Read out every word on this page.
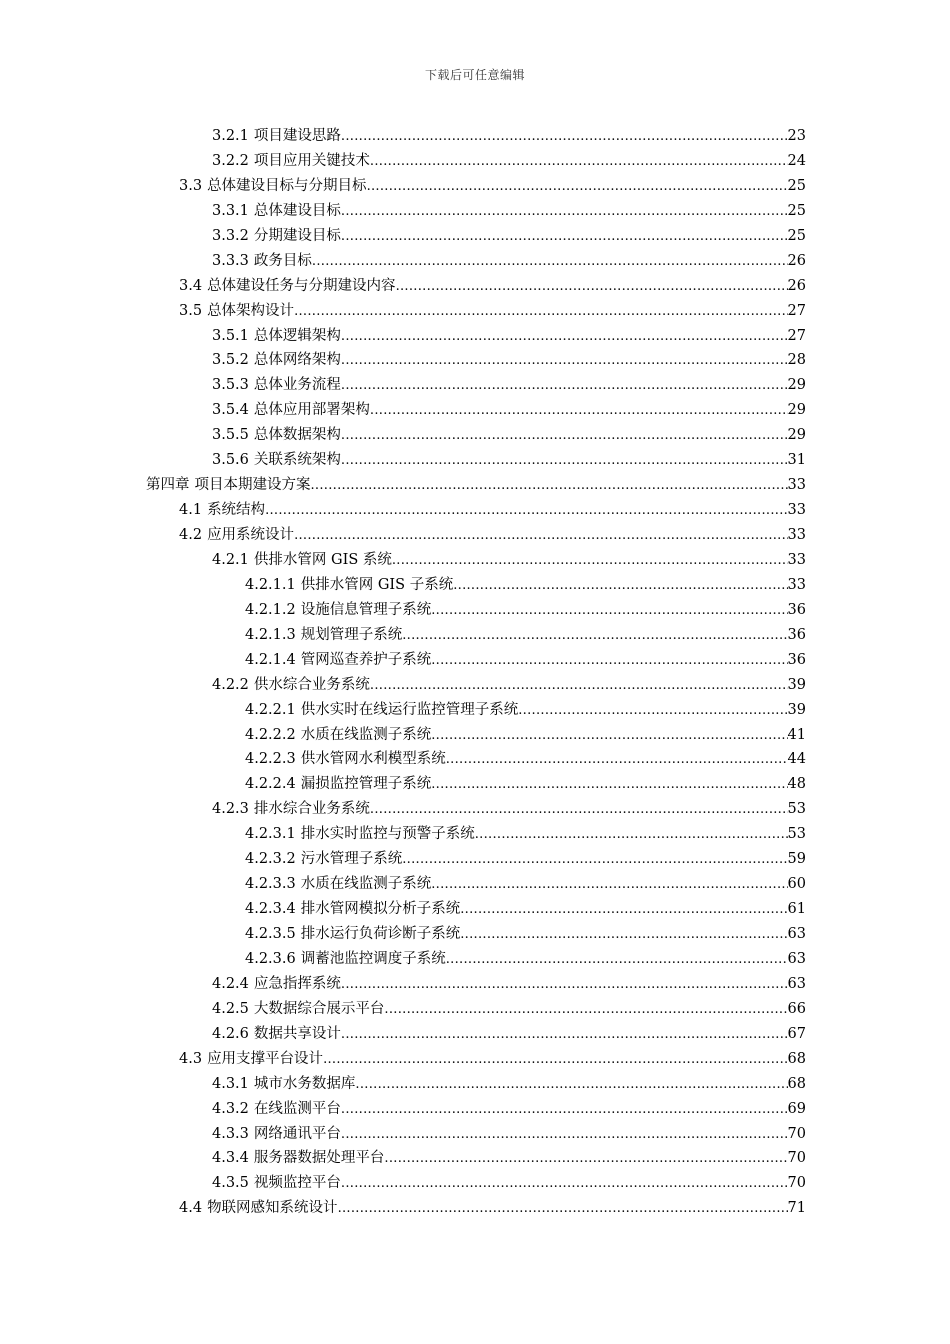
下载后可任意编辑
3.2.1 项目建设思路 .....	23
3.2.2 项目应用关键技术 .....	24
3.3 总体建设目标与分期目标 .....	25
3.3.1 总体建设目标 .....	25
3.3.2 分期建设目标 .....	25
3.3.3 政务目标 .....	26
3.4 总体建设任务与分期建设内容 .....	26
3.5 总体架构设计 .....	27
3.5.1 总体逻辑架构 .....	27
3.5.2 总体网络架构 .....	28
3.5.3 总体业务流程 .....	29
3.5.4 总体应用部署架构 .....	29
3.5.5 总体数据架构 .....	29
3.5.6 关联系统架构 .....	31
第四章 项目本期建设方案 .....	33
4.1 系统结构 .....	33
4.2 应用系统设计 .....	33
4.2.1 供排水管网 GIS 系统 .....	33
4.2.1.1 供排水管网 GIS 子系统 .....	33
4.2.1.2 设施信息管理子系统 .....	36
4.2.1.3 规划管理子系统 .....	36
4.2.1.4 管网巡查养护子系统 .....	36
4.2.2 供水综合业务系统 .....	39
4.2.2.1 供水实时在线运行监控管理子系统 .....	39
4.2.2.2 水质在线监测子系统 .....	41
4.2.2.3 供水管网水利模型系统 .....	44
4.2.2.4 漏损监控管理子系统 .....	48
4.2.3 排水综合业务系统 .....	53
4.2.3.1 排水实时监控与预警子系统 .....	53
4.2.3.2 污水管理子系统 .....	59
4.2.3.3 水质在线监测子系统 .....	60
4.2.3.4 排水管网模拟分析子系统 .....	61
4.2.3.5 排水运行负荷诊断子系统 .....	63
4.2.3.6 调蓄池监控调度子系统 .....	63
4.2.4 应急指挥系统 .....	63
4.2.5 大数据综合展示平台 .....	66
4.2.6 数据共享设计 .....	67
4.3 应用支撑平台设计 .....	68
4.3.1 城市水务数据库 .....	68
4.3.2 在线监测平台 .....	69
4.3.3 网络通讯平台 .....	70
4.3.4 服务器数据处理平台 .....	70
4.3.5 视频监控平台 .....	70
4.4 物联网感知系统设计 .....	71
